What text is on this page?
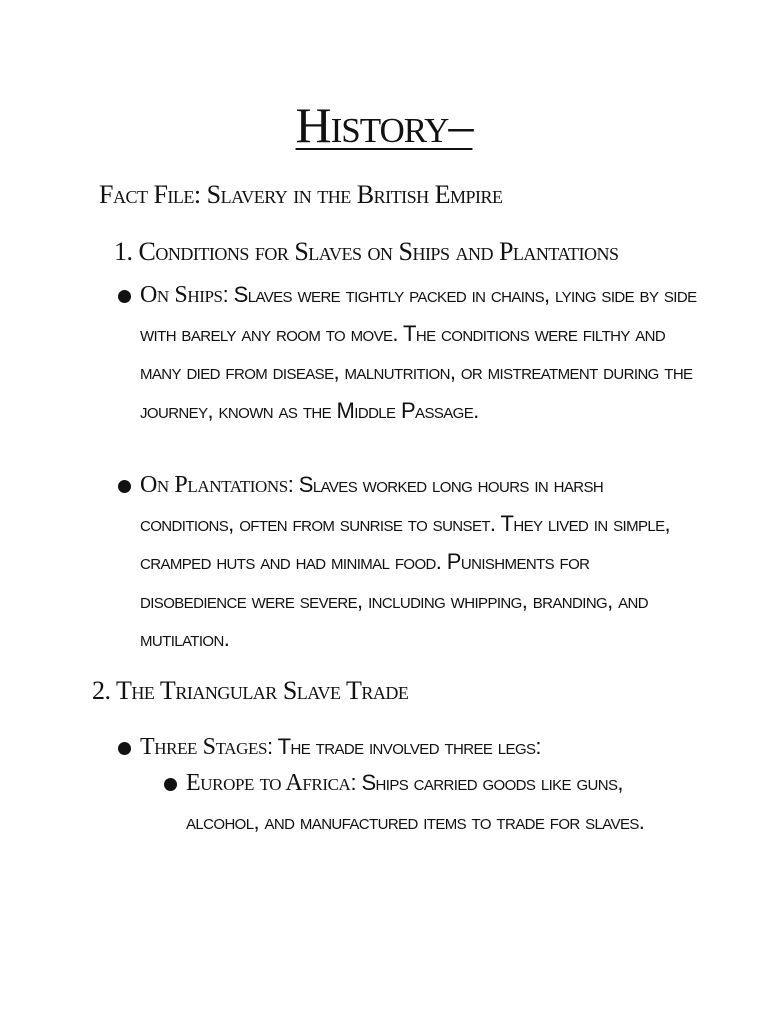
History–
Fact File: Slavery in the British Empire
1. Conditions for Slaves on Ships and Plantations
On Ships: Slaves were tightly packed in chains, lying side by side with barely any room to move. The conditions were filthy and many died from disease, malnutrition, or mistreatment during the journey, known as the Middle Passage.
On Plantations: Slaves worked long hours in harsh conditions, often from sunrise to sunset. They lived in simple, cramped huts and had minimal food. Punishments for disobedience were severe, including whipping, branding, and mutilation.
2. The Triangular Slave Trade
Three Stages: The trade involved three legs:
Europe to Africa: Ships carried goods like guns, alcohol, and manufactured items to trade for slaves.
